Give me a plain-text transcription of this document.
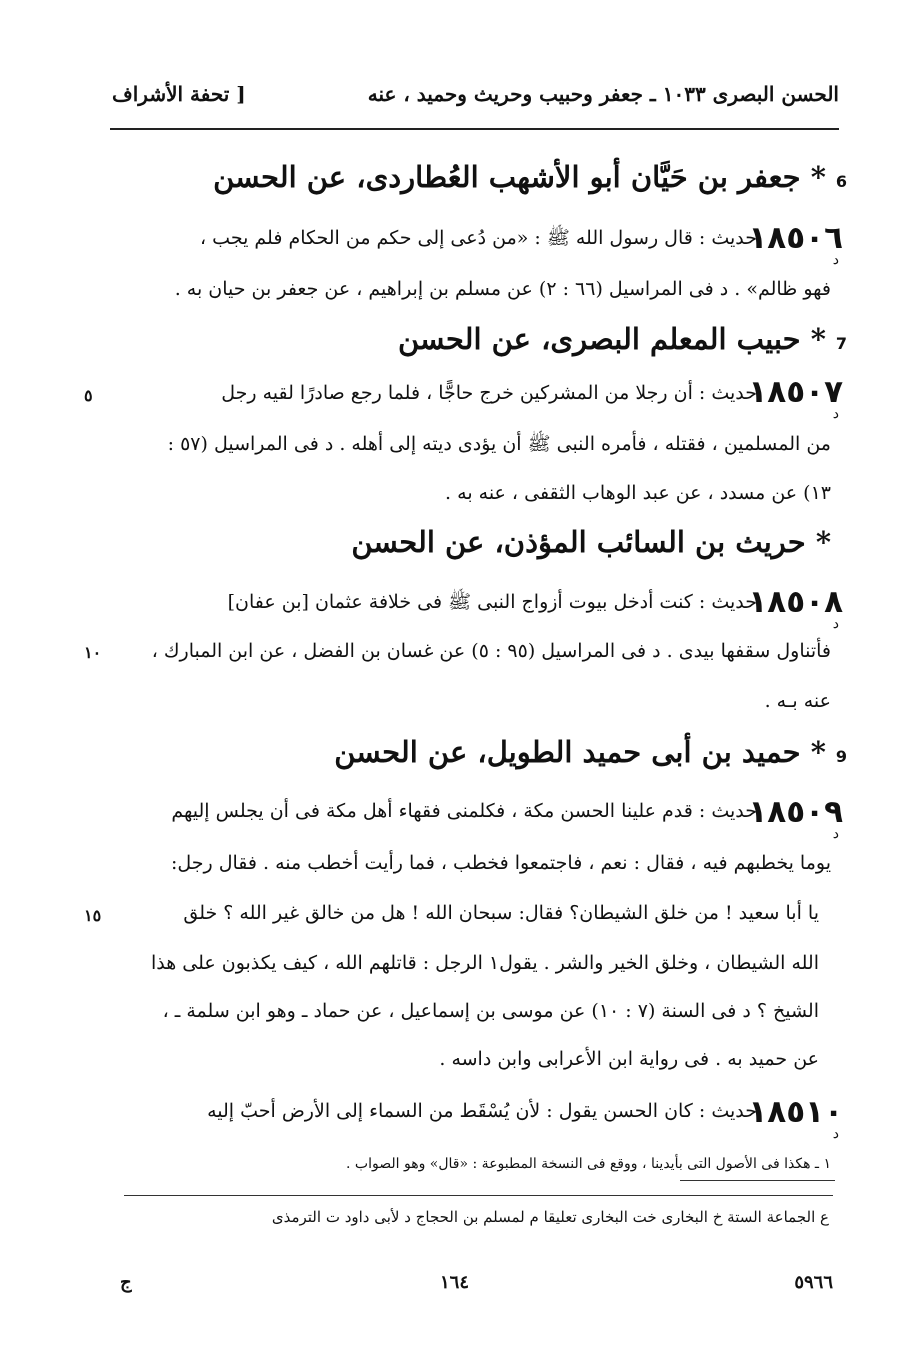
الحسن البصرى ١٠٣٣ ـ جعفر وحبيب وحريث وحميد ، عنه
[ تحفة الأشراف
6* جعفر بن حَيَّان أبو الأشهب العُطاردى، عن الحسن
١٨٥٠٦
د
حديث : قال رسول الله ﷺ : «من دُعى إلى حكم من الحكام فلم يجب ،
فهو ظالم» . د فى المراسيل (٦٦ : ٢) عن مسلم بن إبراهيم ، عن جعفر بن حيان به .
7* حبيب المعلم البصرى، عن الحسن
١٨٥٠٧
د
حديث : أن رجلا من المشركين خرج حاجًّا ، فلما رجع صادرًا لقيه رجل
٥
من المسلمين ، فقتله ، فأمره النبى ﷺ أن يؤدى ديته إلى أهله . د فى المراسيل (٥٧ :
١٣) عن مسدد ، عن عبد الوهاب الثقفى ، عنه به .
* حريث بن السائب المؤذن، عن الحسن
١٨٥٠٨
د
حديث : كنت أدخل بيوت أزواج النبى ﷺ فى خلافة عثمان [بن عفان]
فأتناول سقفها بيدى . د فى المراسيل (٩٥ : ٥) عن غسان بن الفضل ، عن ابن المبارك ،
١٠
عنه بـه .
9* حميد بن أبى حميد الطويل، عن الحسن
١٨٥٠٩
د
حديث : قدم علينا الحسن مكة ، فكلمنى فقهاء أهل مكة فى أن يجلس إليهم
يوما يخطبهم فيه ، فقال : نعم ، فاجتمعوا فخطب ، فما رأيت أخطب منه . فقال رجل:
يا أبا سعيد ! من خلق الشيطان؟ فقال: سبحان الله ! هل من خالق غير الله ؟ خلق
١٥
الله الشيطان ، وخلق الخير والشر . يقول١ الرجل : قاتلهم الله ، كيف يكذبون على هذا
الشيخ ؟ د فى السنة (٧ : ١٠) عن موسى بن إسماعيل ، عن حماد ـ وهو ابن سلمة ـ ،
عن حميد به . فى رواية ابن الأعرابى وابن داسه .
١٨٥١٠
د
حديث : كان الحسن يقول : لأن يُسْقَط من السماء إلى الأرض أحبّ إليه
١ ـ هكذا فى الأصول التى بأيدينا ، ووقع فى النسخة المطبوعة : «قال» وهو الصواب .
ع الجماعة الستة خ البخارى خت البخارى تعليقا م لمسلم بن الحجاج د لأبى داود ت الترمذى
٥٩٦٦
١٦٤
ج
